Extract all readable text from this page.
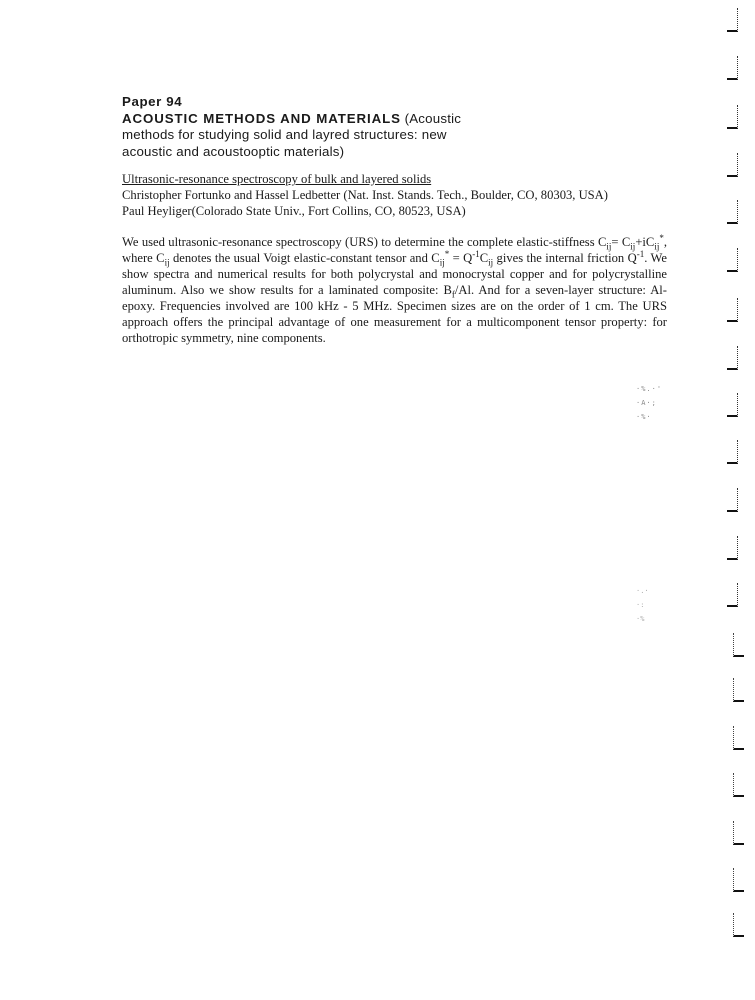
Paper 94
ACOUSTIC METHODS AND MATERIALS (Acoustic methods for studying solid and layred structures: new acoustic and acoustooptic materials)
Ultrasonic-resonance spectroscopy of bulk and layered solids
Christopher Fortunko and Hassel Ledbetter (Nat. Inst. Stands. Tech., Boulder, CO, 80303, USA)
Paul Heyliger(Colorado State Univ., Fort Collins, CO, 80523, USA)
We used ultrasonic-resonance spectroscopy (URS) to determine the complete elastic-stiffness $C_{ij}= C_{ij}+iC_{ij}^*$, where $C_{ij}$ denotes the usual Voigt elastic-constant tensor and $C_{ij}^* = Q^{-1}C_{ij}$ gives the internal friction $Q^{-1}$. We show spectra and numerical results for both polycrystal and monocrystal copper and for polycrystalline aluminum. Also we show results for a laminated composite: $B_f/Al$. And for a seven-layer structure: Al-epoxy. Frequencies involved are 100 kHz - 5 MHz. Specimen sizes are on the order of 1 cm. The URS approach offers the principal advantage of one measurement for a multicomponent tensor property: for orthotropic symmetry, nine components.
·%.·'
·A·;
·%·
·.·
·:
·%
